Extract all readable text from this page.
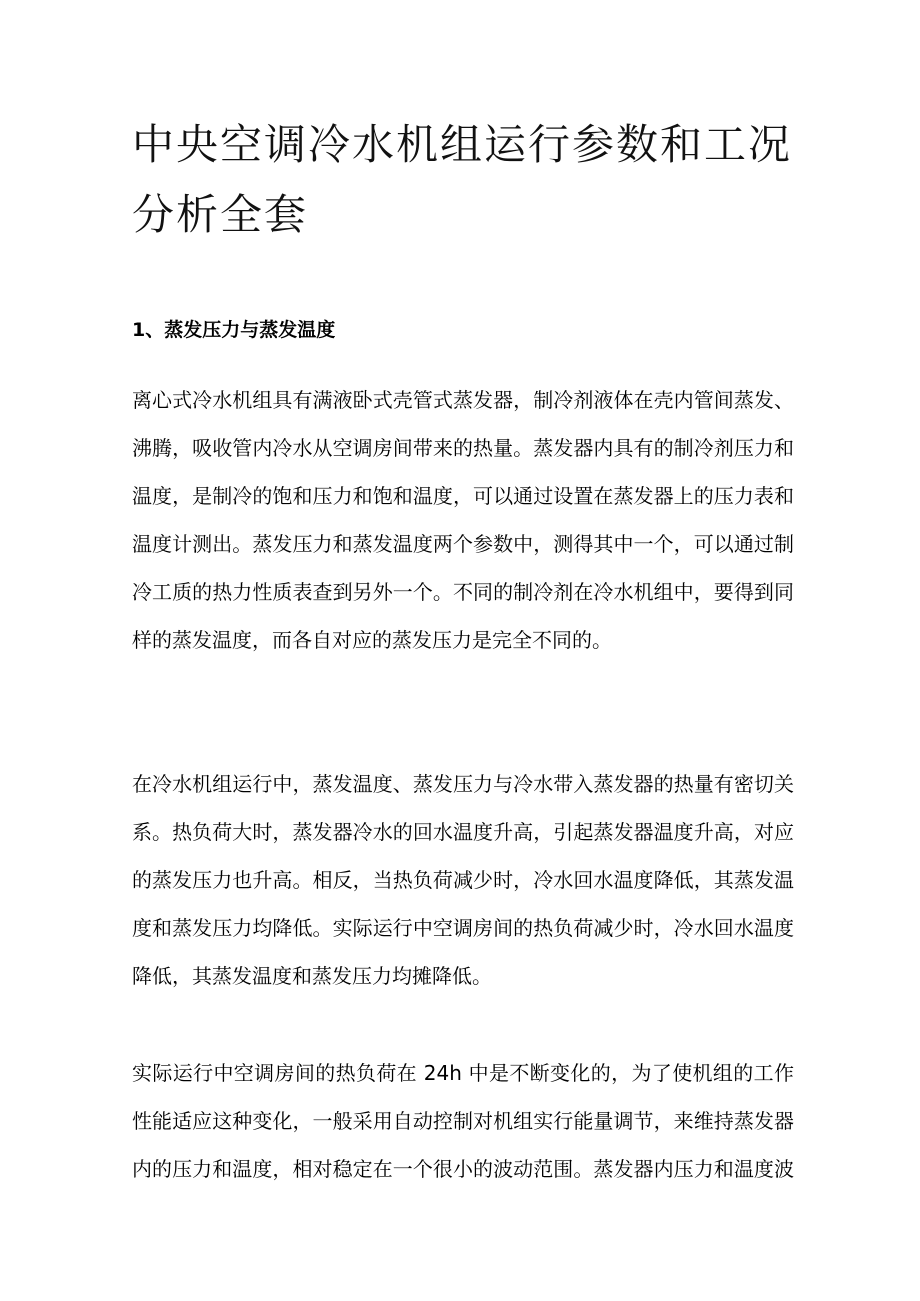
中央空调冷水机组运行参数和工况
分析全套
1、蒸发压力与蒸发温度
离心式冷水机组具有满液卧式壳管式蒸发器，制冷剂液体在壳内管间蒸发、
沸腾，吸收管内冷水从空调房间带来的热量。蒸发器内具有的制冷剂压力和
温度，是制冷的饱和压力和饱和温度，可以通过设置在蒸发器上的压力表和
温度计测出。蒸发压力和蒸发温度两个参数中，测得其中一个，可以通过制
冷工质的热力性质表查到另外一个。不同的制冷剂在冷水机组中，要得到同
样的蒸发温度，而各自对应的蒸发压力是完全不同的。
在冷水机组运行中，蒸发温度、蒸发压力与冷水带入蒸发器的热量有密切关
系。热负荷大时，蒸发器冷水的回水温度升高，引起蒸发器温度升高，对应
的蒸发压力也升高。相反，当热负荷减少时，冷水回水温度降低，其蒸发温
度和蒸发压力均降低。实际运行中空调房间的热负荷减少时，冷水回水温度
降低，其蒸发温度和蒸发压力均摊降低。
实际运行中空调房间的热负荷在 24h 中是不断变化的，为了使机组的工作
性能适应这种变化，一般采用自动控制对机组实行能量调节，来维持蒸发器
内的压力和温度，相对稳定在一个很小的波动范围。蒸发器内压力和温度波
